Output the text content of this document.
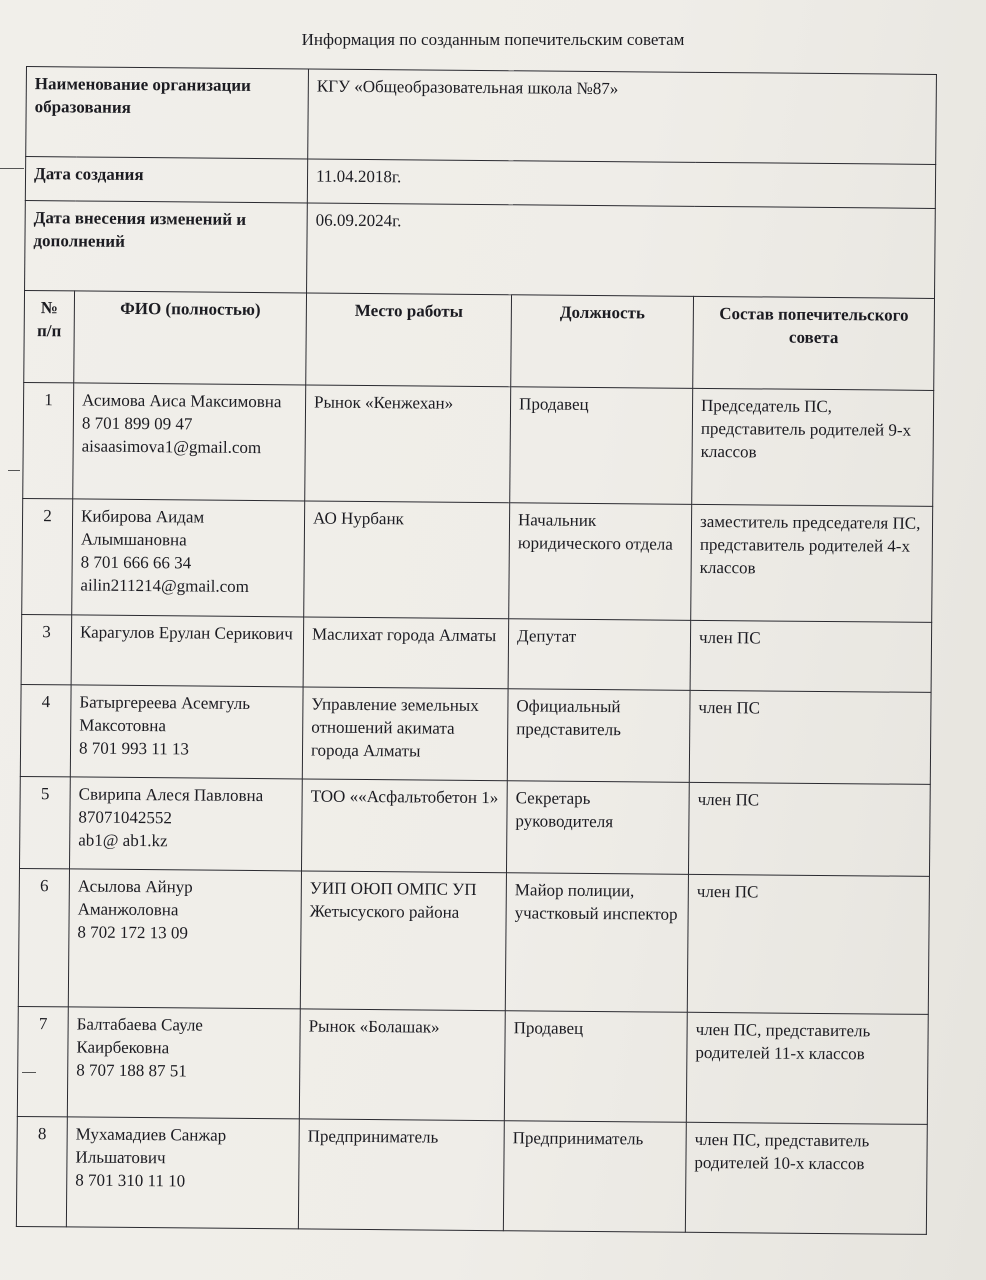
Информация по созданным попечительским советам
Наименование организации образования		КГУ «Общеобразовательная школа №87»		
Дата создания		11.04.2018г.		
Дата внесения изменений и дополнений		06.09.2024г.		
№ п/п	ФИО (полностью)	Место работы	Должность	Состав попечительского совета
1	Асимова Аиса Максимовна
8 701 899 09 47
aisaasimova1@gmail.com	Рынок «Кенжехан»	Продавец	Председатель ПС, представитель родителей 9-х классов
2	Кибирова Аидам Алымшановна
8 701 666 66 34
ailin211214@gmail.com	АО Нурбанк	Начальник юридического отдела	заместитель председателя ПС, представитель родителей 4-х классов
3	Карагулов Ерулан Серикович	Маслихат города Алматы	Депутат	член ПС
4	Батыргереева Асемгуль Максотовна
8 701 993 11 13	Управление земельных отношений акимата города Алматы	Официальный представитель	член ПС
5	Свирипа Алеся Павловна
87071042552
ab1@ ab1.kz	ТОО ««Асфальтобетон 1»	Секретарь руководителя	член ПС
6	Асылова Айнур Аманжоловна
8 702 172 13 09	УИП ОЮП ОМПС УП Жетысуского района	Майор полиции, участковый инспектор	член ПС
7	Балтабаева Сауле Каирбековна
8 707 188 87 51	Рынок «Болашак»	Продавец	член ПС, представитель родителей 11-х классов
8	Мухамадиев Санжар Ильшатович
8 701 310 11 10	Предприниматель	Предприниматель	член ПС, представитель родителей 10-х классов
